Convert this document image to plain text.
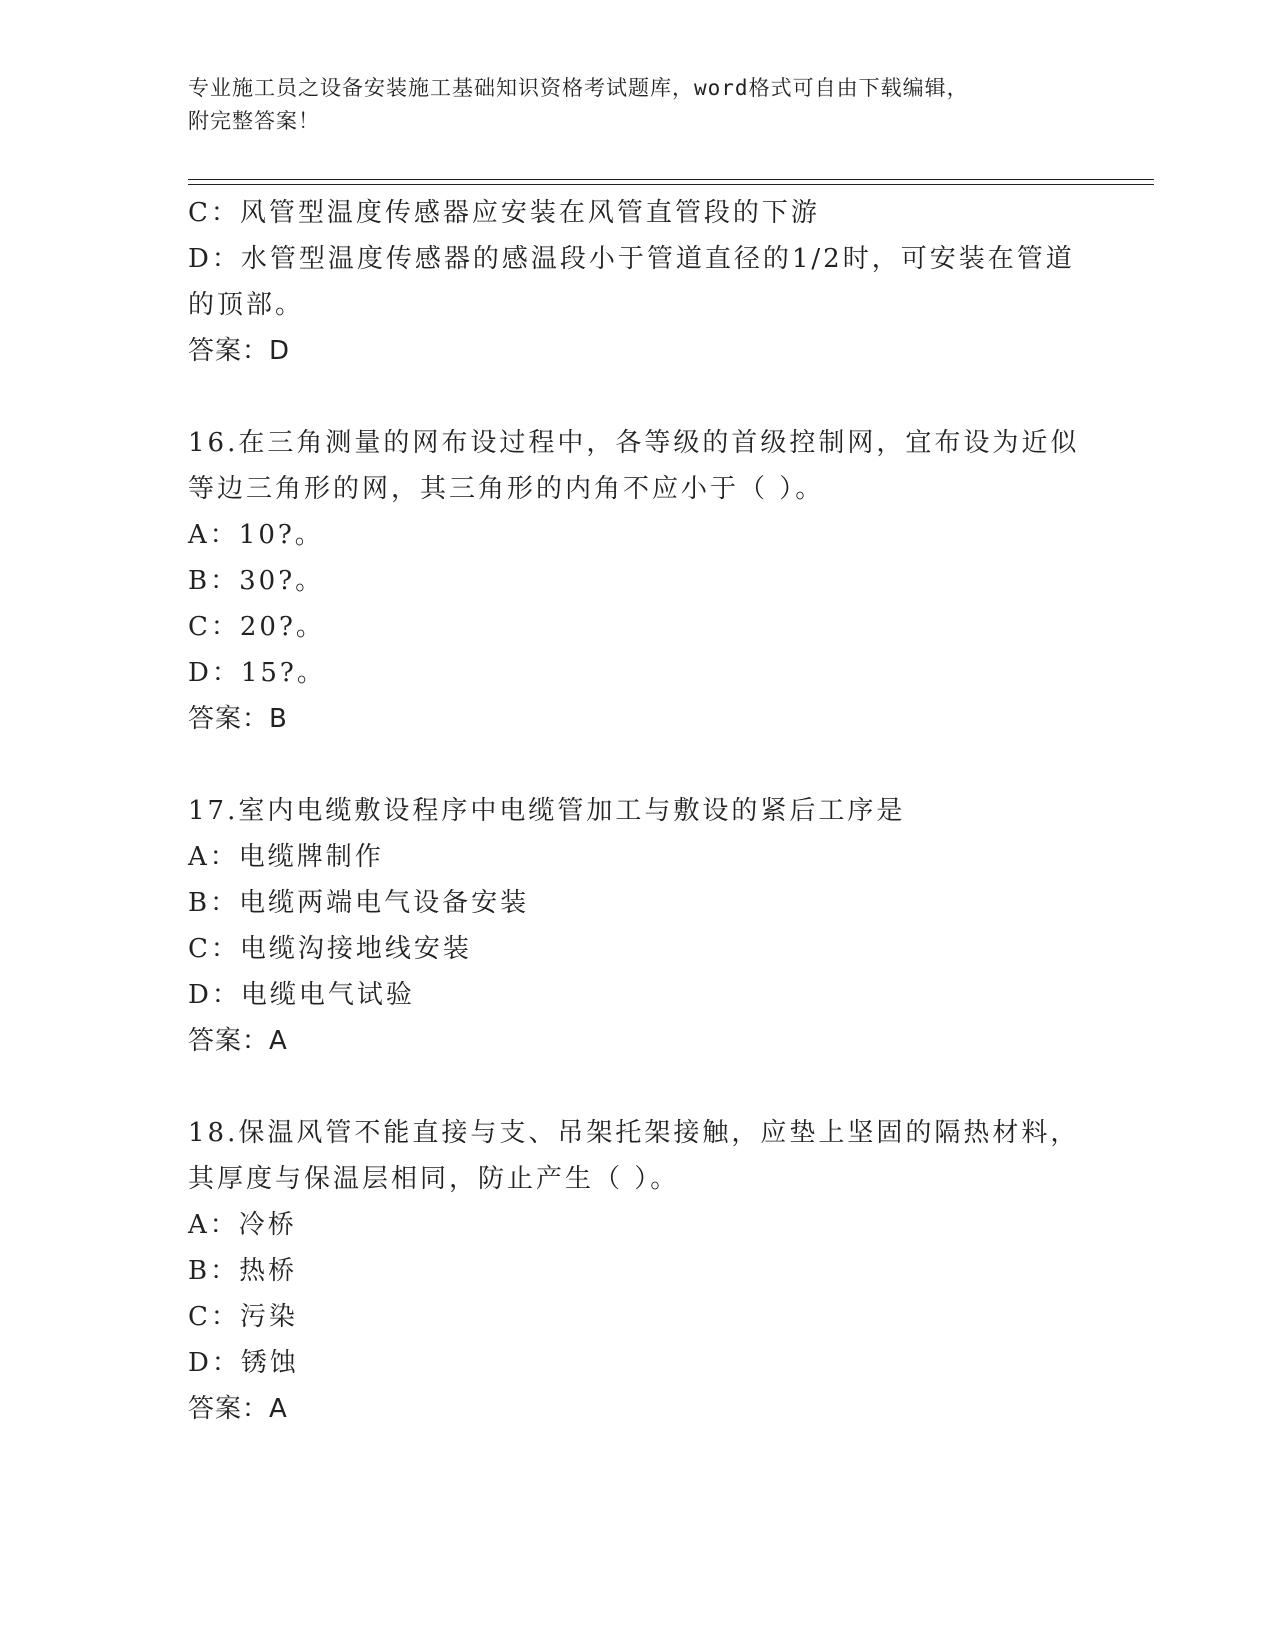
专业施工员之设备安装施工基础知识资格考试题库，word格式可自由下载编辑，
附完整答案！
C：风管型温度传感器应安装在风管直管段的下游
D：水管型温度传感器的感温段小于管道直径的1/2时，可安装在管道
的顶部。
答案：D
16.在三角测量的网布设过程中，各等级的首级控制网，宜布设为近似
等边三角形的网，其三角形的内角不应小于（ ）。
A：10?。
B：30?。
C：20?。
D：15?。
答案：B
17.室内电缆敷设程序中电缆管加工与敷设的紧后工序是
A：电缆牌制作
B：电缆两端电气设备安装
C：电缆沟接地线安装
D：电缆电气试验
答案：A
18.保温风管不能直接与支、吊架托架接触，应垫上坚固的隔热材料，
其厚度与保温层相同，防止产生（ ）。
A：冷桥
B：热桥
C：污染
D：锈蚀
答案：A
